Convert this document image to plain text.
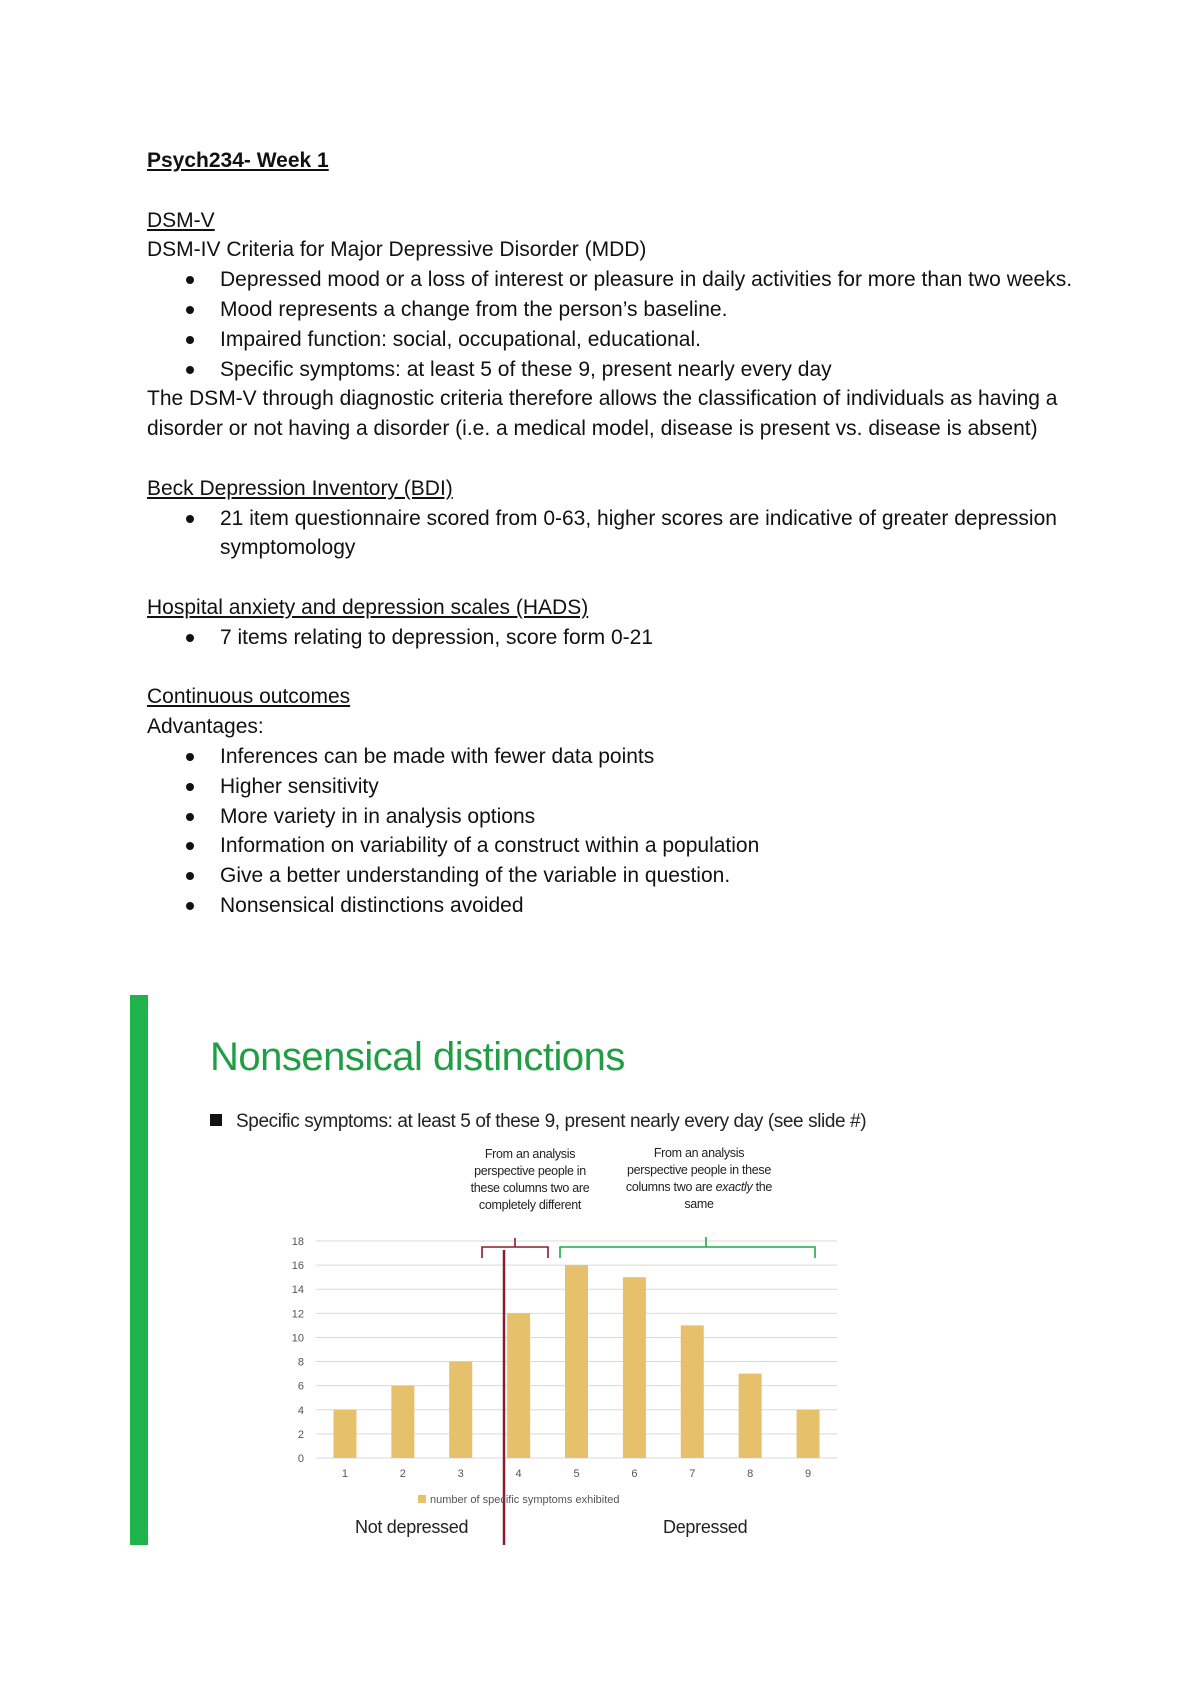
Psych234- Week 1

DSM-V

DSM-IV Criteria for Major Depressive Disorder (MDD)

Depressed mood or a loss of interest or pleasure in daily activities for more than two weeks.
Mood represents a change from the person’s baseline.
Impaired function: social, occupational, educational.
Specific symptoms: at least 5 of these 9, present nearly every day

The DSM-V through diagnostic criteria therefore allows the classification of individuals as having a disorder or not having a disorder (i.e. a medical model, disease is present vs. disease is absent)

Beck Depression Inventory (BDI)

21 item questionnaire scored from 0-63, higher scores are indicative of greater depression symptomology

Hospital anxiety and depression scales (HADS)

7 items relating to depression, score form 0-21

Continuous outcomes

Advantages:

Inferences can be made with fewer data points
Higher sensitivity
More variety in in analysis options
Information on variability of a construct within a population
Give a better understanding of the variable in question.
Nonsensical distinctions avoided
Nonsensical distinctions
Specific symptoms: at least 5 of these 9, present nearly every day (see slide #)
From an analysis perspective people in these columns two are completely different
From an analysis perspective people in these columns two are exactly the same
0
2
4
6
8
10
12
14
16
18
1	2	3	4	5	6	7	8	9
number of specific symptoms exhibited
Not depressed	Depressed
